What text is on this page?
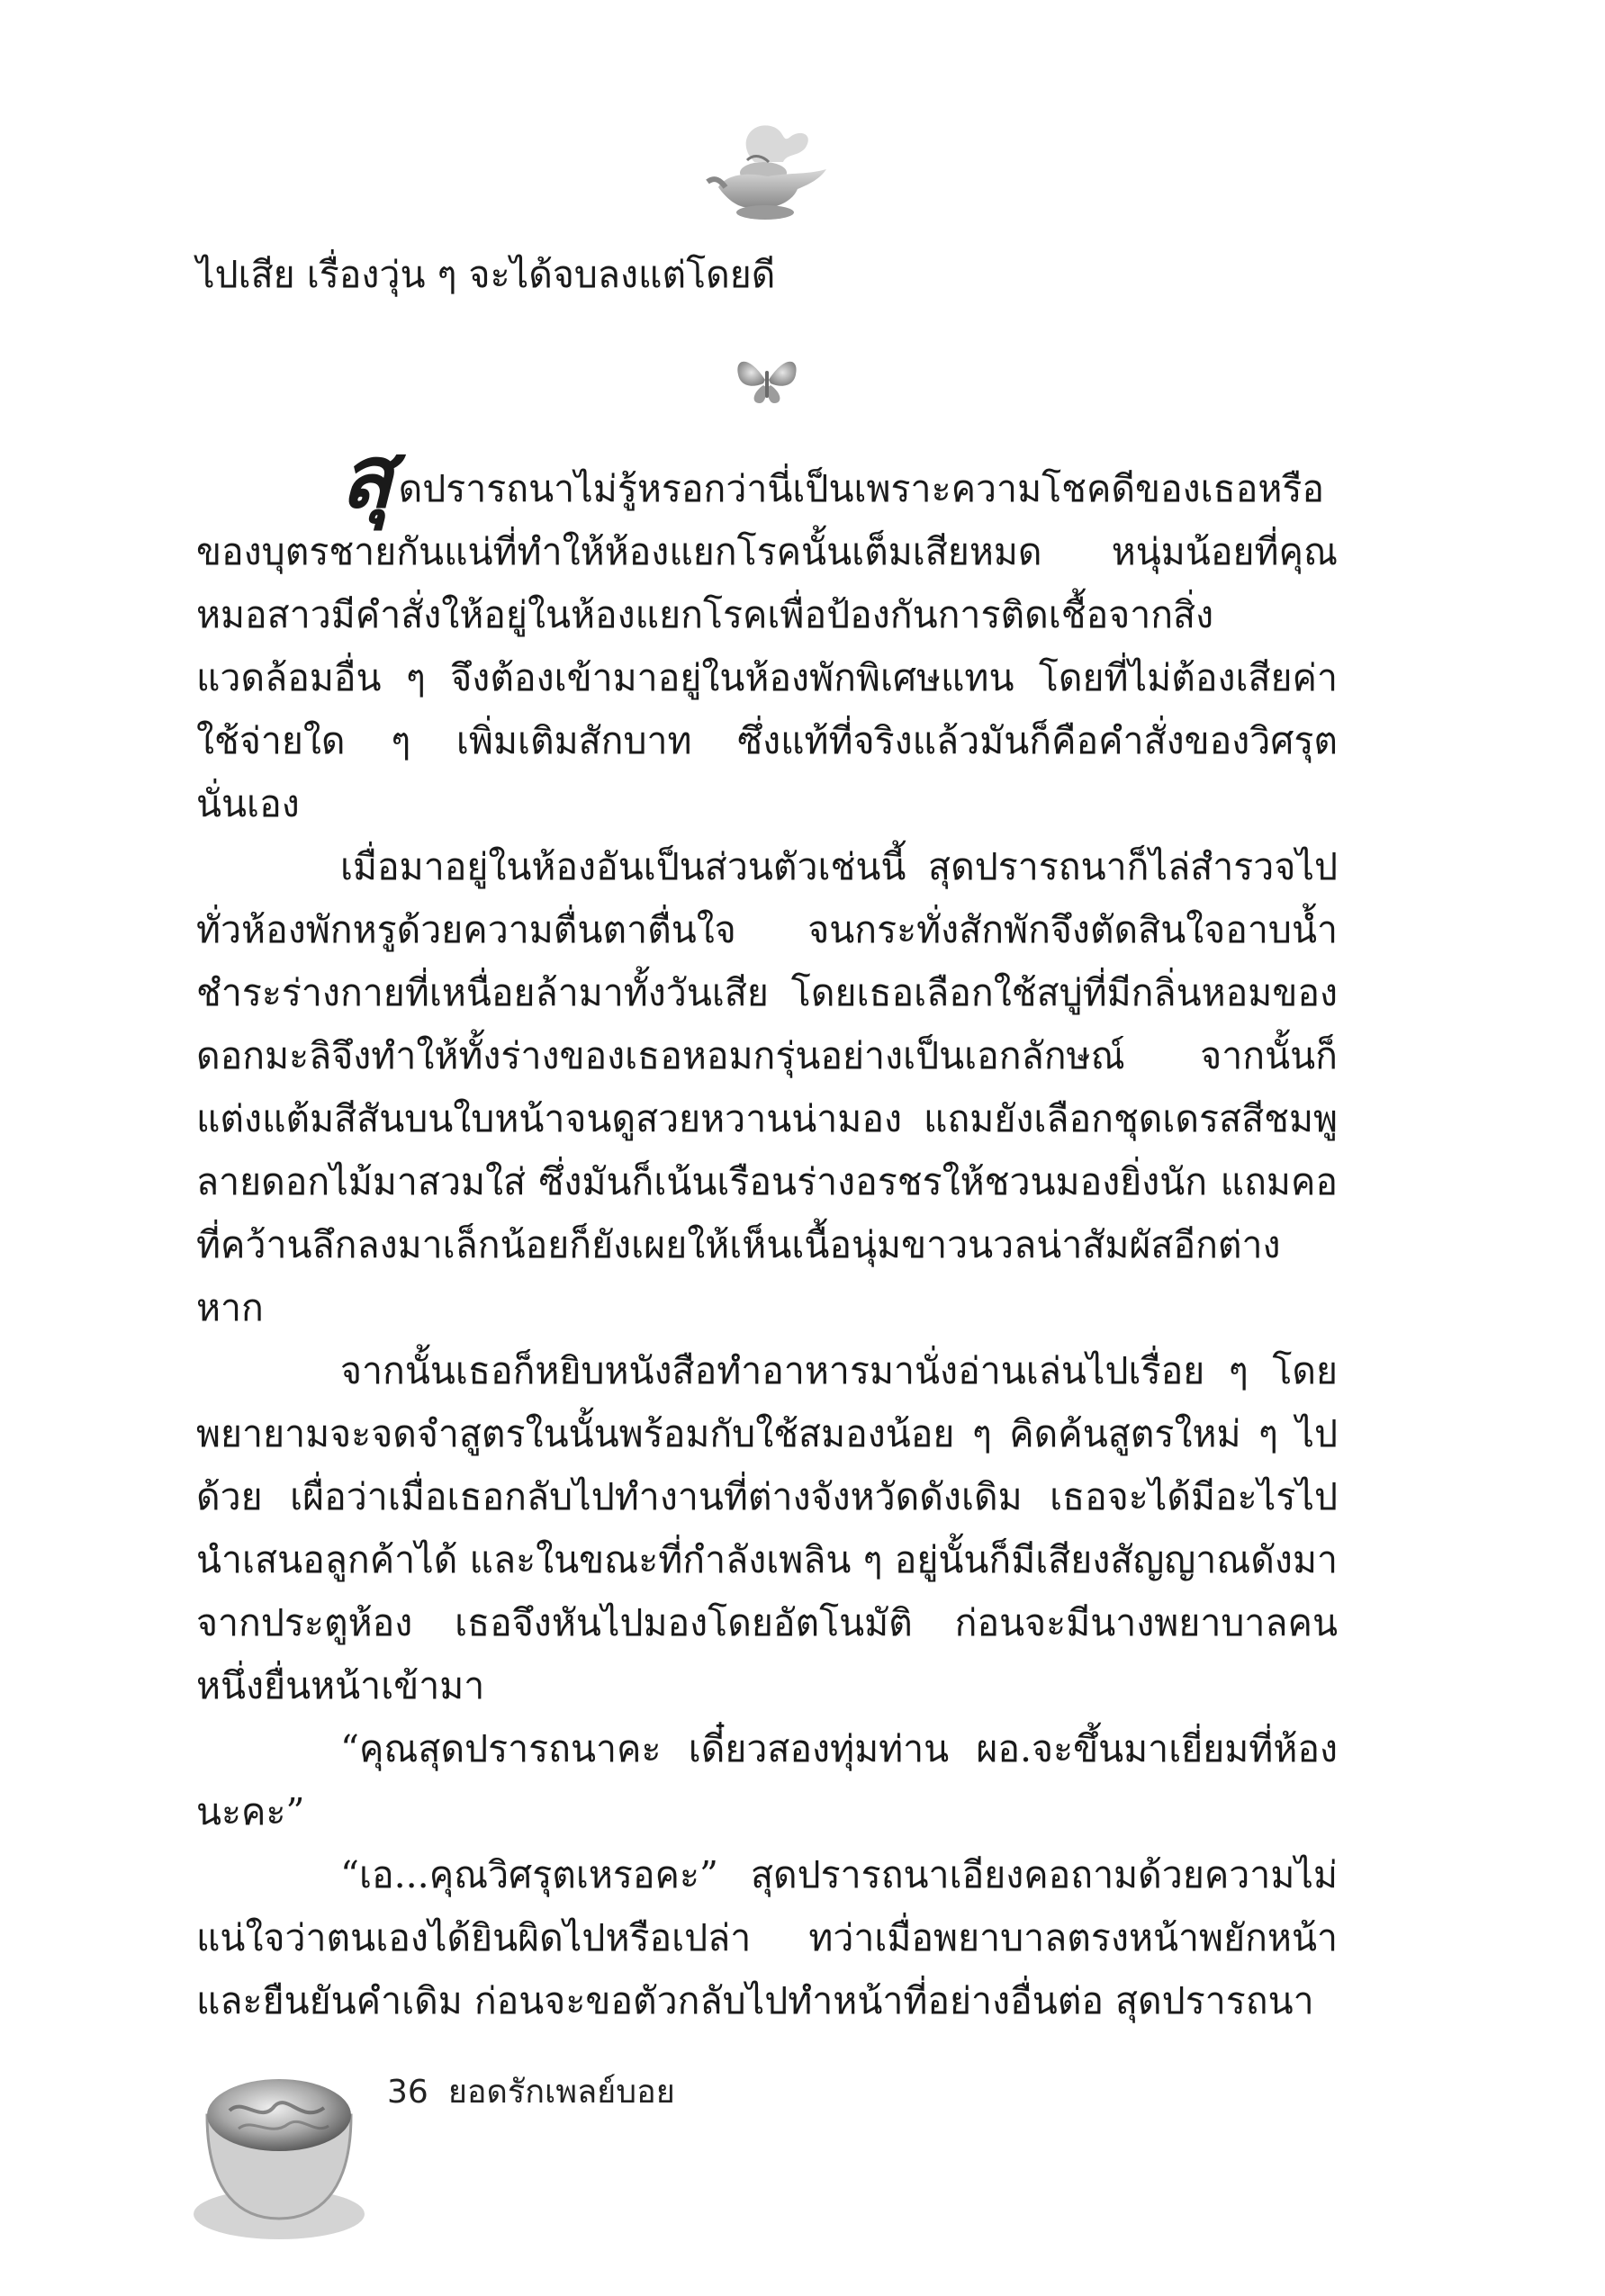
ไปเสีย เรื่องวุ่น ๆ จะได้จบลงแต่โดยดี

สุดปรารถนาไม่รู้หรอกว่านี่เป็นเพราะความโชคดีของเธอหรือของบุตรชายกันแน่ที่ทำให้ห้องแยกโรคนั้นเต็มเสียหมด หนุ่มน้อยที่คุณหมอสาวมีคำสั่งให้อยู่ในห้องแยกโรคเพื่อป้องกันการติดเชื้อจากสิ่งแวดล้อมอื่น ๆ จึงต้องเข้ามาอยู่ในห้องพักพิเศษแทน โดยที่ไม่ต้องเสียค่าใช้จ่ายใด ๆ เพิ่มเติมสักบาท ซึ่งแท้ที่จริงแล้วมันก็คือคำสั่งของวิศรุตนั่นเอง

เมื่อมาอยู่ในห้องอันเป็นส่วนตัวเช่นนี้ สุดปรารถนาก็ไล่สำรวจไปทั่วห้องพักหรูด้วยความตื่นตาตื่นใจ จนกระทั่งสักพักจึงตัดสินใจอาบน้ำชำระร่างกายที่เหนื่อยล้ามาทั้งวันเสีย โดยเธอเลือกใช้สบู่ที่มีกลิ่นหอมของดอกมะลิจึงทำให้ทั้งร่างของเธอหอมกรุ่นอย่างเป็นเอกลักษณ์ จากนั้นก็แต่งแต้มสีสันบนใบหน้าจนดูสวยหวานน่ามอง แถมยังเลือกชุดเดรสสีชมพูลายดอกไม้มาสวมใส่ ซึ่งมันก็เน้นเรือนร่างอรชรให้ชวนมองยิ่งนัก แถมคอที่คว้านลึกลงมาเล็กน้อยก็ยังเผยให้เห็นเนื้อนุ่มขาวนวลน่าสัมผัสอีกต่างหาก

จากนั้นเธอก็หยิบหนังสือทำอาหารมานั่งอ่านเล่นไปเรื่อย ๆ โดยพยายามจะจดจำสูตรในนั้นพร้อมกับใช้สมองน้อย ๆ คิดค้นสูตรใหม่ ๆ ไปด้วย เผื่อว่าเมื่อเธอกลับไปทำงานที่ต่างจังหวัดดังเดิม เธอจะได้มีอะไรไปนำเสนอลูกค้าได้ และในขณะที่กำลังเพลิน ๆ อยู่นั้นก็มีเสียงสัญญาณดังมาจากประตูห้อง เธอจึงหันไปมองโดยอัตโนมัติ ก่อนจะมีนางพยาบาลคนหนึ่งยื่นหน้าเข้ามา

“คุณสุดปรารถนาคะ เดี๋ยวสองทุ่มท่าน ผอ.จะขึ้นมาเยี่ยมที่ห้องนะคะ”

“เอ...คุณวิศรุตเหรอคะ” สุดปรารถนาเอียงคอถามด้วยความไม่แน่ใจว่าตนเองได้ยินผิดไปหรือเปล่า ทว่าเมื่อพยาบาลตรงหน้าพยักหน้าและยืนยันคำเดิม ก่อนจะขอตัวกลับไปทำหน้าที่อย่างอื่นต่อ สุดปรารถนา

36 ยอดรักเพลย์บอย
